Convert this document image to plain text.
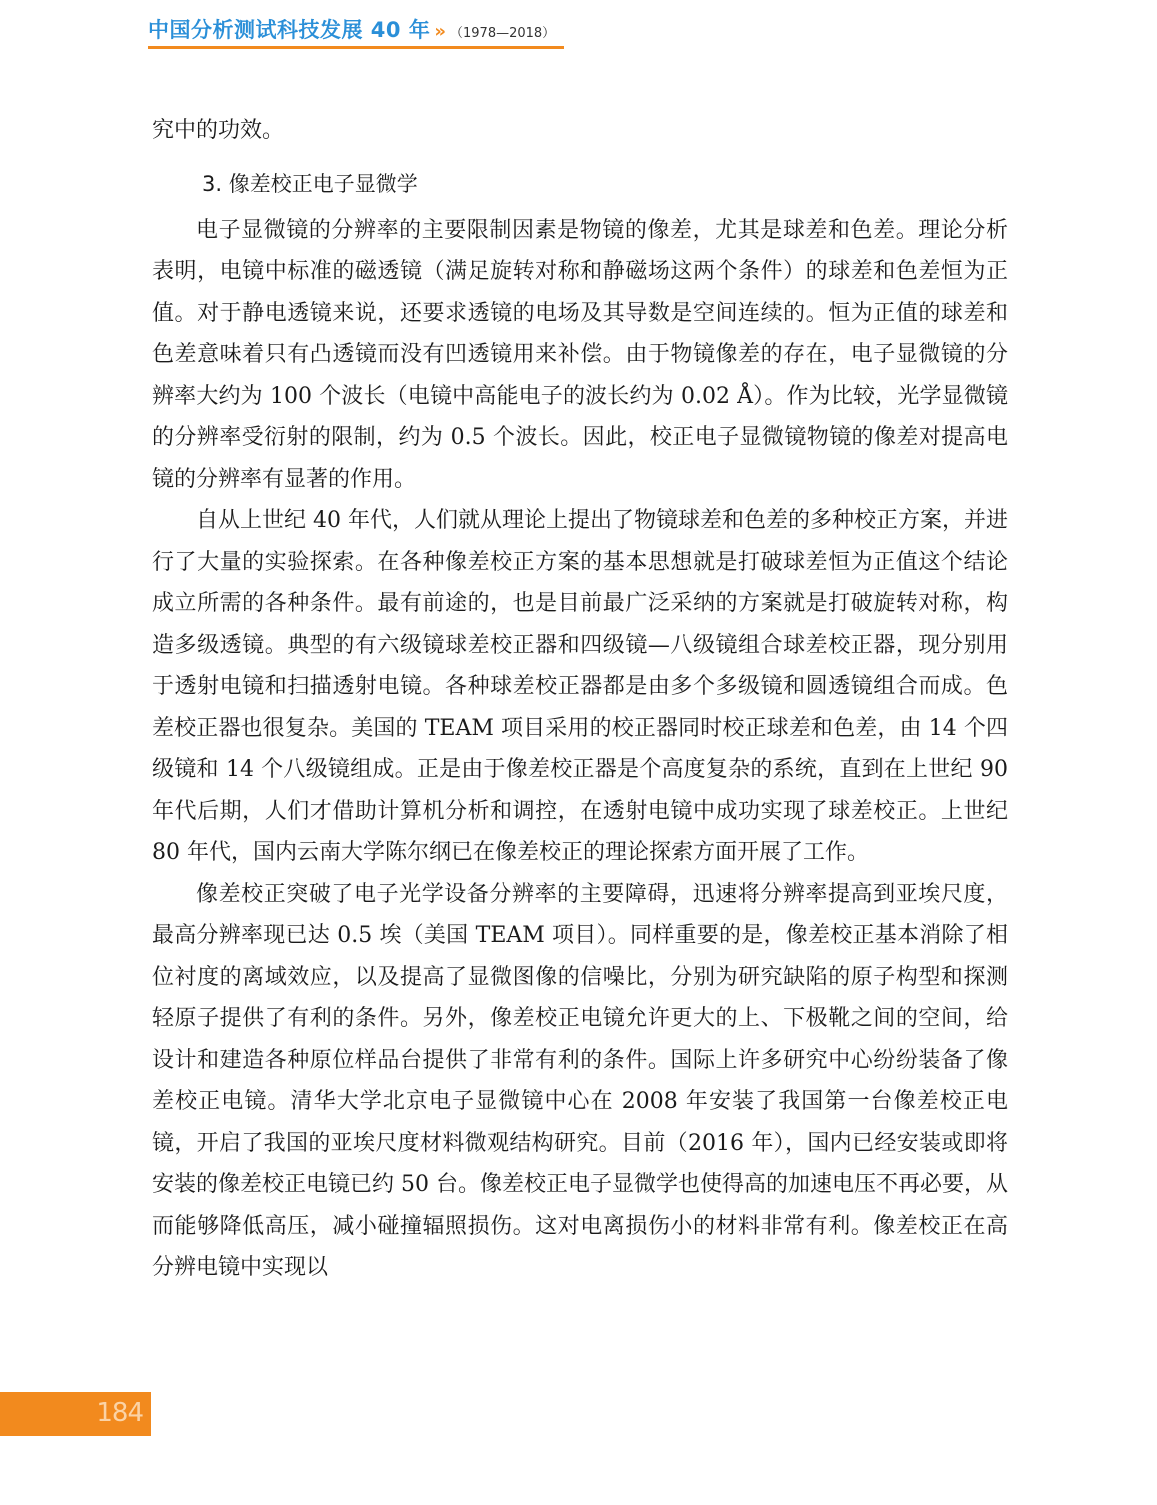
中国分析测试科技发展 40 年 » （1978—2018）

究中的功效。

3. 像差校正电子显微学

电子显微镜的分辨率的主要限制因素是物镜的像差，尤其是球差和色差。理论分析表明，电镜中标准的磁透镜（满足旋转对称和静磁场这两个条件）的球差和色差恒为正值。对于静电透镜来说，还要求透镜的电场及其导数是空间连续的。恒为正值的球差和色差意味着只有凸透镜而没有凹透镜用来补偿。由于物镜像差的存在，电子显微镜的分辨率大约为 100 个波长（电镜中高能电子的波长约为 0.02 Å）。作为比较，光学显微镜的分辨率受衍射的限制，约为 0.5 个波长。因此，校正电子显微镜物镜的像差对提高电镜的分辨率有显著的作用。

自从上世纪 40 年代，人们就从理论上提出了物镜球差和色差的多种校正方案，并进行了大量的实验探索。在各种像差校正方案的基本思想就是打破球差恒为正值这个结论成立所需的各种条件。最有前途的，也是目前最广泛采纳的方案就是打破旋转对称，构造多级透镜。典型的有六级镜球差校正器和四级镜—八级镜组合球差校正器，现分别用于透射电镜和扫描透射电镜。各种球差校正器都是由多个多级镜和圆透镜组合而成。色差校正器也很复杂。美国的 TEAM 项目采用的校正器同时校正球差和色差，由 14 个四级镜和 14 个八级镜组成。正是由于像差校正器是个高度复杂的系统，直到在上世纪 90 年代后期，人们才借助计算机分析和调控，在透射电镜中成功实现了球差校正。上世纪 80 年代，国内云南大学陈尔纲已在像差校正的理论探索方面开展了工作。

像差校正突破了电子光学设备分辨率的主要障碍，迅速将分辨率提高到亚埃尺度，最高分辨率现已达 0.5 埃（美国 TEAM 项目）。同样重要的是，像差校正基本消除了相位衬度的离域效应，以及提高了显微图像的信噪比，分别为研究缺陷的原子构型和探测轻原子提供了有利的条件。另外，像差校正电镜允许更大的上、下极靴之间的空间，给设计和建造各种原位样品台提供了非常有利的条件。国际上许多研究中心纷纷装备了像差校正电镜。清华大学北京电子显微镜中心在 2008 年安装了我国第一台像差校正电镜，开启了我国的亚埃尺度材料微观结构研究。目前（2016 年），国内已经安装或即将安装的像差校正电镜已约 50 台。像差校正电子显微学也使得高的加速电压不再必要，从而能够降低高压，减小碰撞辐照损伤。这对电离损伤小的材料非常有利。像差校正在高分辨电镜中实现以

184
